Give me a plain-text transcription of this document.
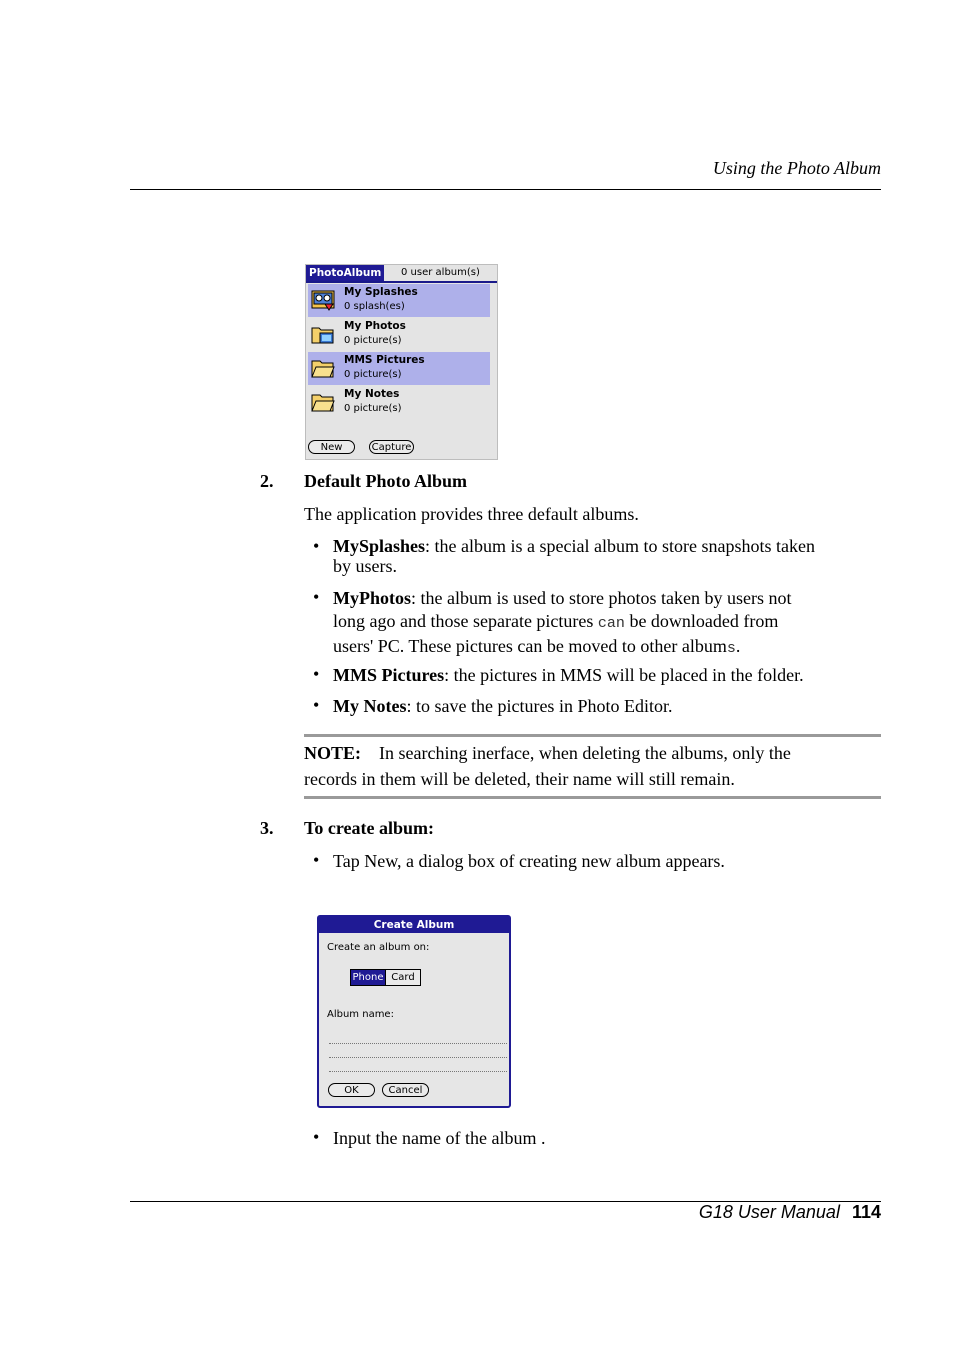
Using the Photo Album
PhotoAlbum	0 user album(s)
My Splashes
0 splash(es)
My Photos
0 picture(s)
MMS Pictures
0 picture(s)
My Notes
0 picture(s)
New	Capture
2. Default Photo Album
The application provides three default albums.
• MySplashes: the album is a special album to store snapshots taken
by users.
• MyPhotos: the album is used to store photos taken by users not
long ago and those separate pictures can be downloaded from
users' PC. These pictures can be moved to other albums.
• MMS Pictures: the pictures in MMS will be placed in the folder.
• My Notes: to save the pictures in Photo Editor.
NOTE: In searching inerface, when deleting the albums, only the
records in them will be deleted, their name will still remain.
3. To create album:
• Tap New, a dialog box of creating new album appears.
Create Album
Create an album on:
Phone Card
Album name:
OK	Cancel
• Input the name of the album .
G18 User Manual 114
